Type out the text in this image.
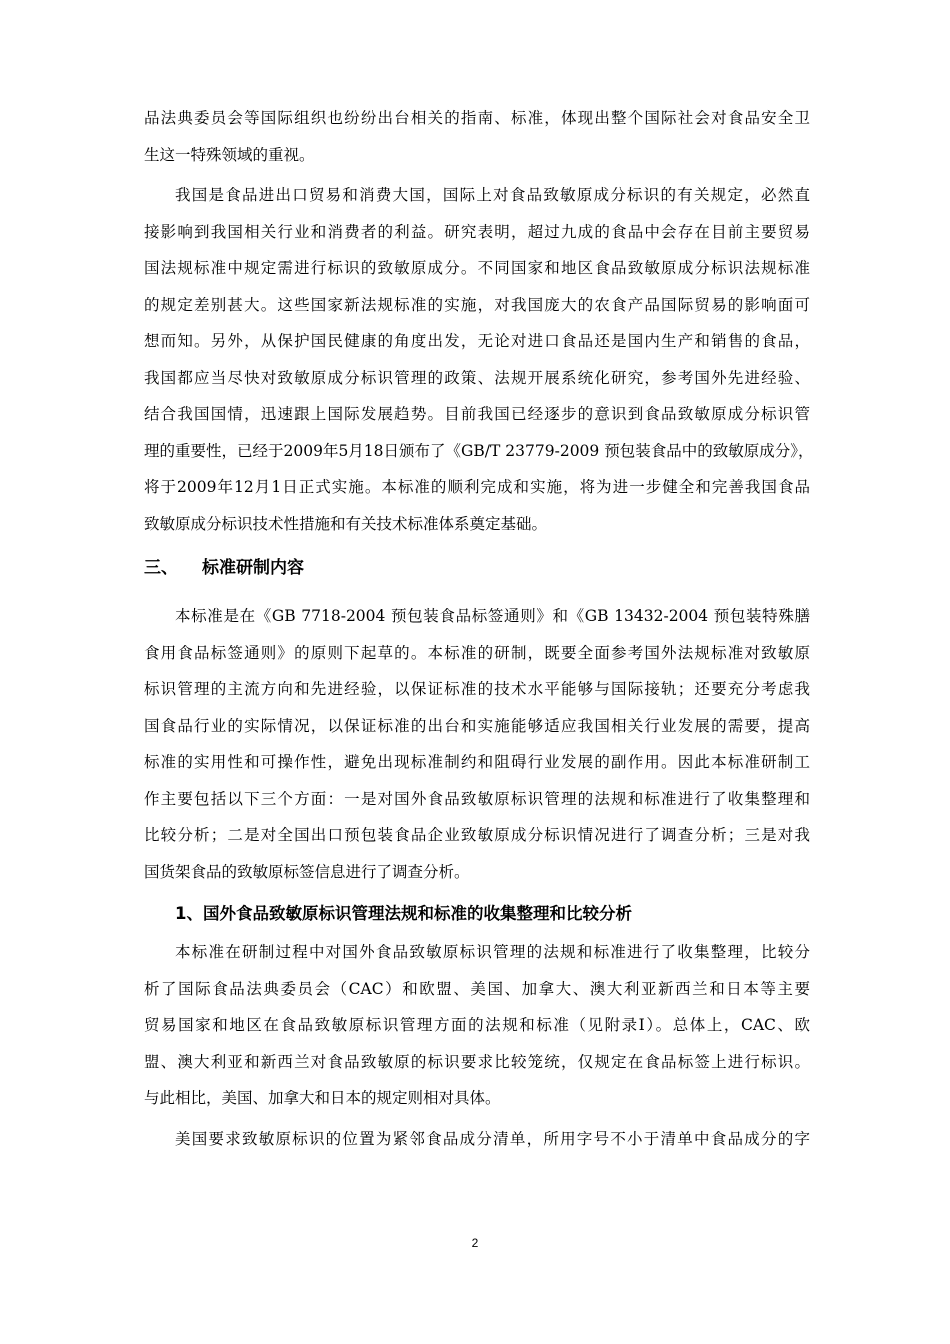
品法典委员会等国际组织也纷纷出台相关的指南、标准，体现出整个国际社会对食品安全卫
生这一特殊领域的重视。
我国是食品进出口贸易和消费大国，国际上对食品致敏原成分标识的有关规定，必然直
接影响到我国相关行业和消费者的利益。研究表明，超过九成的食品中会存在目前主要贸易
国法规标准中规定需进行标识的致敏原成分。不同国家和地区食品致敏原成分标识法规标准
的规定差别甚大。这些国家新法规标准的实施，对我国庞大的农食产品国际贸易的影响面可
想而知。另外，从保护国民健康的角度出发，无论对进口食品还是国内生产和销售的食品，
我国都应当尽快对致敏原成分标识管理的政策、法规开展系统化研究，参考国外先进经验、
结合我国国情，迅速跟上国际发展趋势。目前我国已经逐步的意识到食品致敏原成分标识管
理的重要性，已经于2009年5月18日颁布了《GB/T 23779-2009 预包装食品中的致敏原成分》，
将于2009年12月1日正式实施。本标准的顺利完成和实施，将为进一步健全和完善我国食品
致敏原成分标识技术性措施和有关技术标准体系奠定基础。
三、 标准研制内容
本标准是在《GB 7718-2004 预包装食品标签通则》和《GB 13432-2004 预包装特殊膳
食用食品标签通则》的原则下起草的。本标准的研制，既要全面参考国外法规标准对致敏原
标识管理的主流方向和先进经验，以保证标准的技术水平能够与国际接轨；还要充分考虑我
国食品行业的实际情况，以保证标准的出台和实施能够适应我国相关行业发展的需要，提高
标准的实用性和可操作性，避免出现标准制约和阻碍行业发展的副作用。因此本标准研制工
作主要包括以下三个方面：一是对国外食品致敏原标识管理的法规和标准进行了收集整理和
比较分析；二是对全国出口预包装食品企业致敏原成分标识情况进行了调查分析；三是对我
国货架食品的致敏原标签信息进行了调查分析。
1、国外食品致敏原标识管理法规和标准的收集整理和比较分析
本标准在研制过程中对国外食品致敏原标识管理的法规和标准进行了收集整理，比较分
析了国际食品法典委员会（CAC）和欧盟、美国、加拿大、澳大利亚新西兰和日本等主要
贸易国家和地区在食品致敏原标识管理方面的法规和标准（见附录Ⅰ）。总体上，CAC、欧
盟、澳大利亚和新西兰对食品致敏原的标识要求比较笼统，仅规定在食品标签上进行标识。
与此相比，美国、加拿大和日本的规定则相对具体。
美国要求致敏原标识的位置为紧邻食品成分清单，所用字号不小于清单中食品成分的字
2
